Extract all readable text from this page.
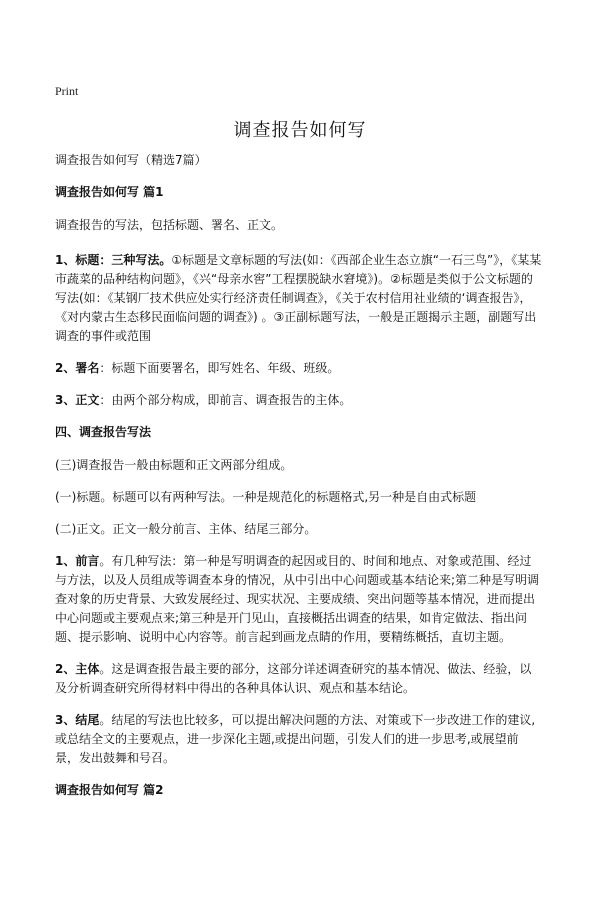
Print
调查报告如何写

调查报告如何写（精选7篇）

调查报告如何写 篇1

调查报告的写法，包括标题、署名、正文。

1、标题：三种写法。①标题是文章标题的写法(如：《西部企业生态立旗“一石三鸟”》，《某某市蔬菜的品种结构问题》，《兴“母亲水窖”工程摆脱缺水窘境》)。②标题是类似于公文标题的写法(如：《某钢厂技术供应处实行经济责任制调查》，《关于农村信用社业绩的‘调查报告》，《对内蒙古生态移民面临问题的调查》) 。③正副标题写法，一般是正题揭示主题，副题写出调查的事件或范围

2、署名：标题下面要署名，即写姓名、年级、班级。

3、正文：由两个部分构成，即前言、调查报告的主体。

四、调查报告写法

(三)调查报告一般由标题和正文两部分组成。

(一)标题。标题可以有两种写法。一种是规范化的标题格式,另一种是自由式标题

(二)正文。正文一般分前言、主体、结尾三部分。

1、前言。有几种写法：第一种是写明调查的起因或目的、时间和地点、对象或范围、经过与方法，以及人员组成等调查本身的情况，从中引出中心问题或基本结论来;第二种是写明调查对象的历史背景、大致发展经过、现实状况、主要成绩、突出问题等基本情况，进而提出中心问题或主要观点来;第三种是开门见山，直接概括出调查的结果，如肯定做法、指出问题、提示影响、说明中心内容等。前言起到画龙点睛的作用，要精练概括，直切主题。

2、主体。这是调查报告最主要的部分，这部分详述调查研究的基本情况、做法、经验，以及分析调查研究所得材料中得出的各种具体认识、观点和基本结论。

3、结尾。结尾的写法也比较多，可以提出解决问题的方法、对策或下一步改进工作的建议,或总结全文的主要观点，进一步深化主题,或提出问题，引发人们的进一步思考,或展望前景，发出鼓舞和号召。

调查报告如何写 篇2
